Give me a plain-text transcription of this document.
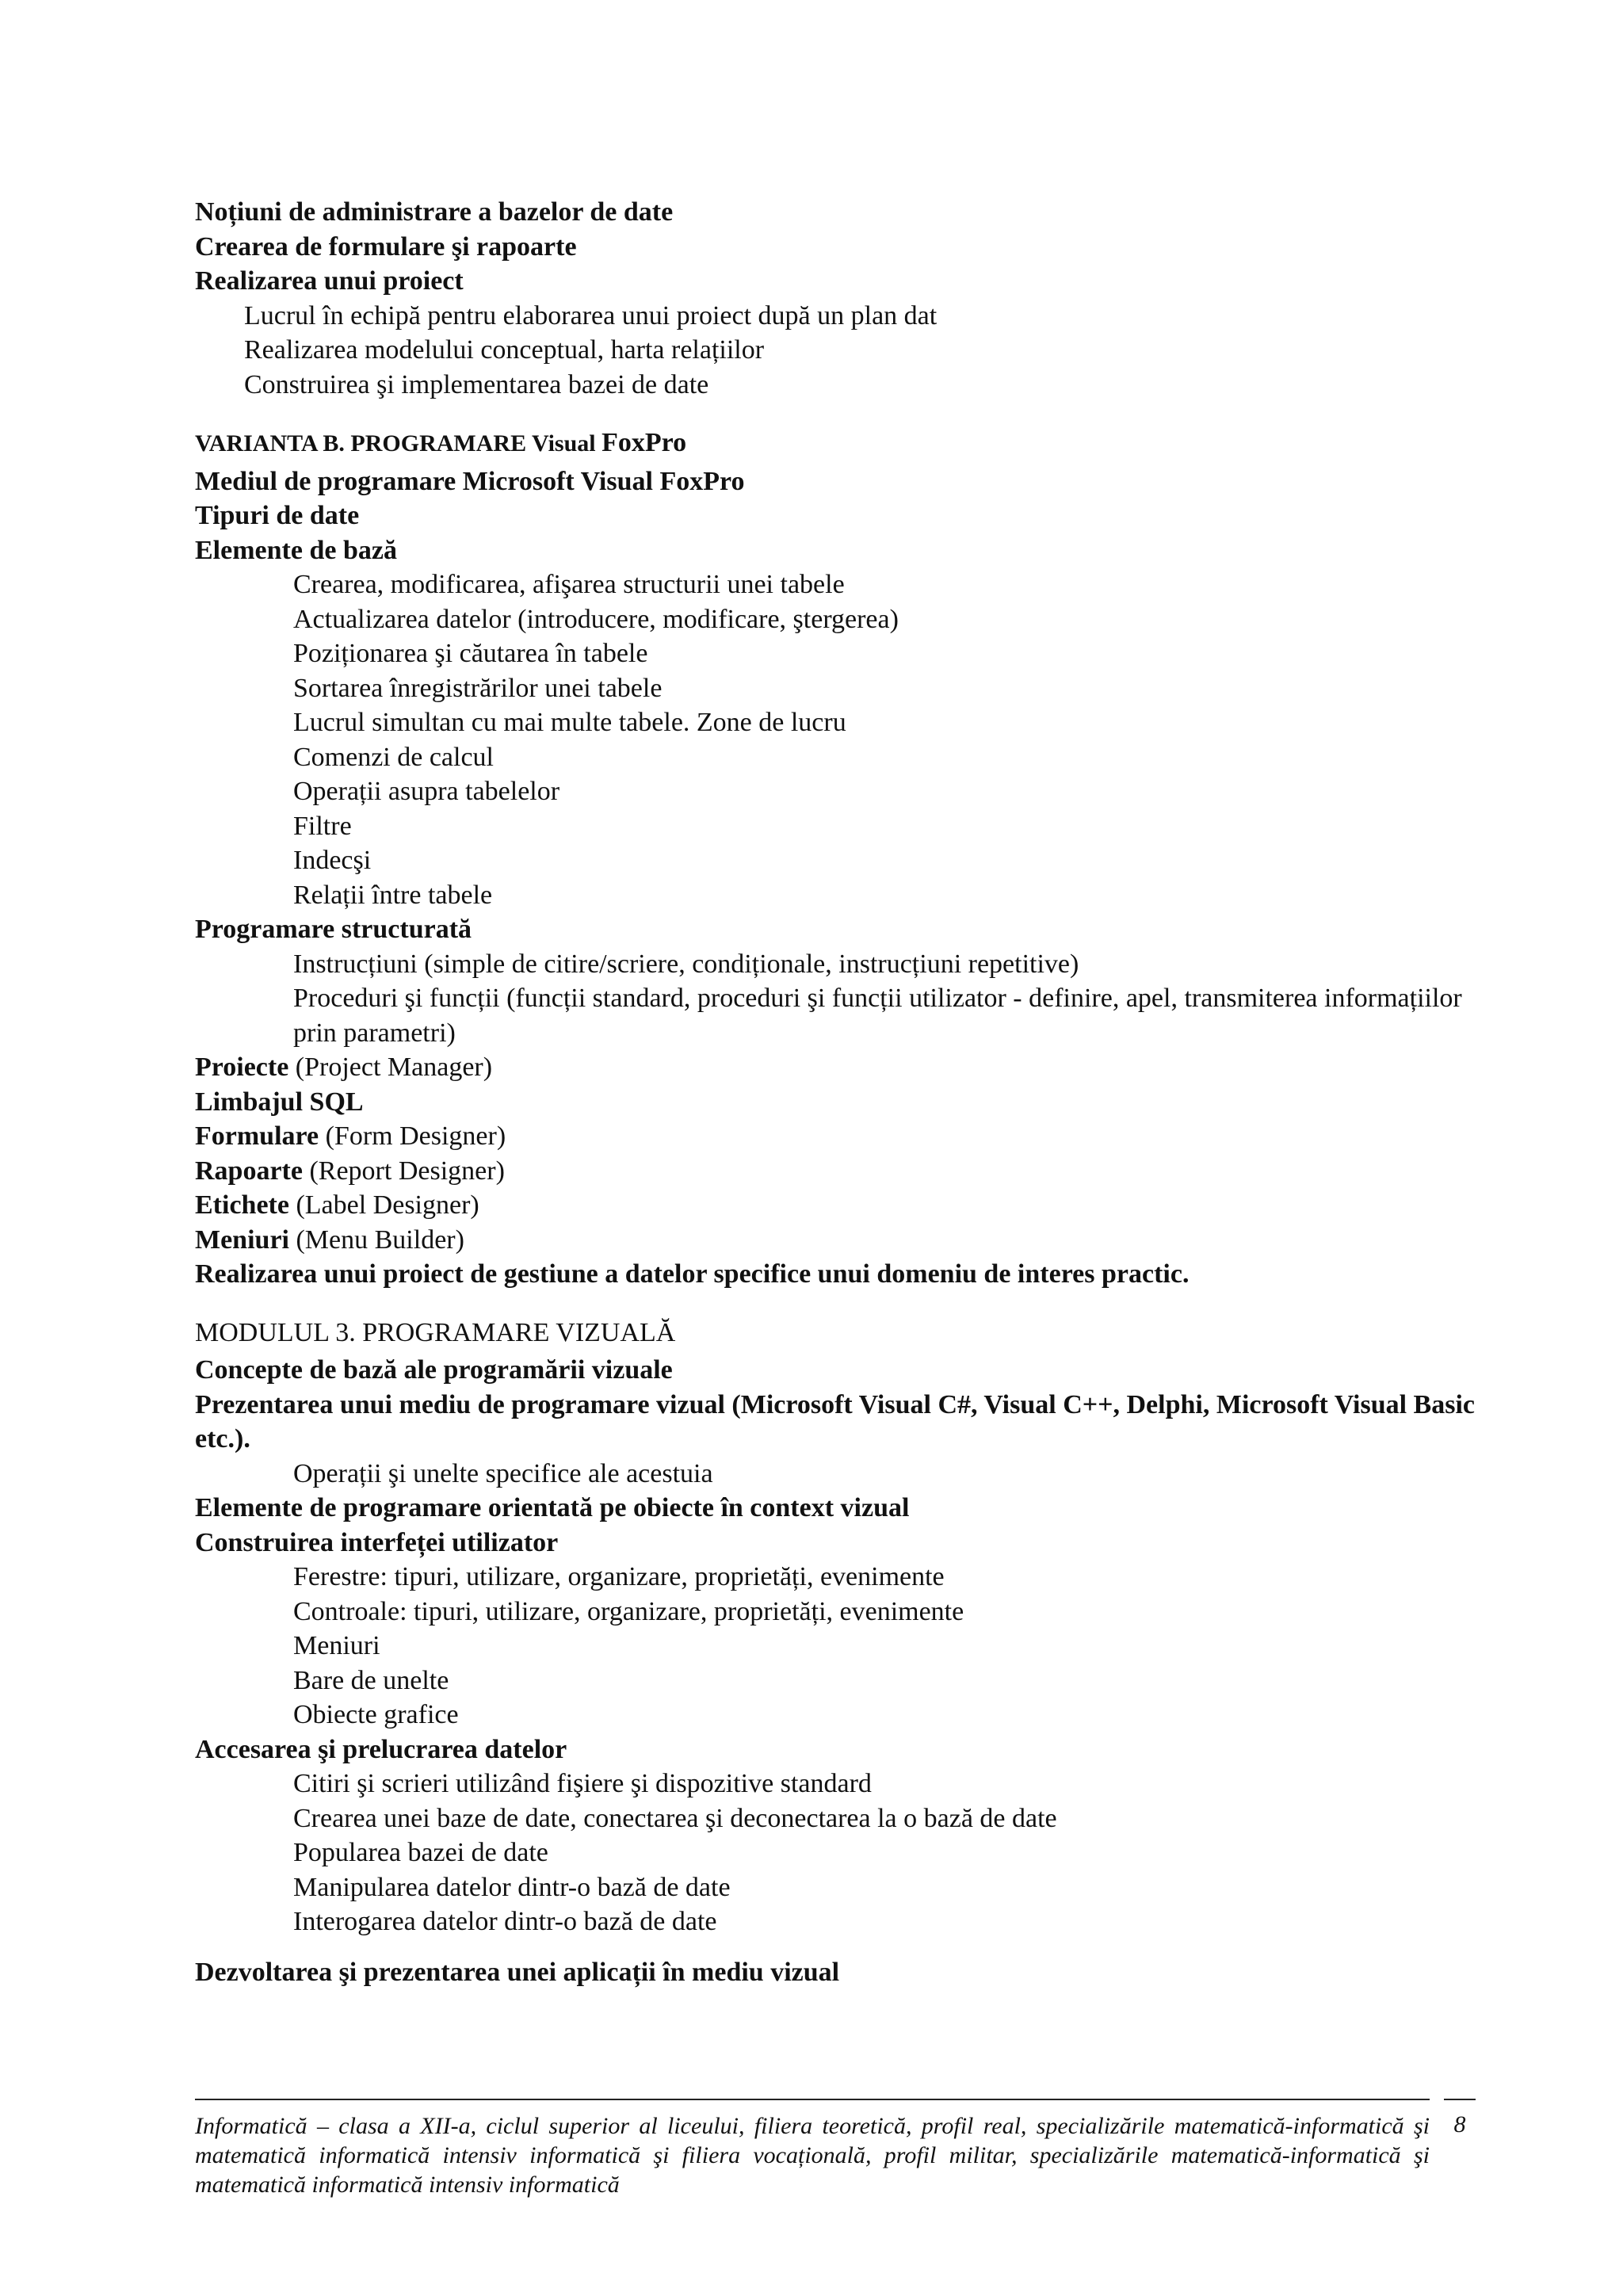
Noțiuni de administrare a bazelor de date
Crearea de formulare şi rapoarte
Realizarea unui proiect
Lucrul în echipă pentru elaborarea unui proiect după un plan dat
Realizarea modelului conceptual, harta relațiilor
Construirea şi implementarea bazei de date
VARIANTA B. PROGRAMARE Visual FoxPro
Mediul de programare Microsoft Visual FoxPro
Tipuri de date
Elemente de bază
Crearea, modificarea, afişarea structurii unei tabele
Actualizarea datelor (introducere, modificare, ştergerea)
Poziționarea şi căutarea în tabele
Sortarea înregistrărilor unei tabele
Lucrul simultan cu mai multe tabele. Zone de lucru
Comenzi de calcul
Operații asupra tabelelor
Filtre
Indecşi
Relații între tabele
Programare structurată
Instrucțiuni (simple de citire/scriere, condiționale, instrucțiuni repetitive)
Proceduri şi funcții (funcții standard, proceduri şi funcții utilizator - definire, apel, transmiterea informațiilor prin parametri)
Proiecte (Project Manager)
Limbajul SQL
Formulare (Form Designer)
Rapoarte (Report Designer)
Etichete (Label Designer)
Meniuri (Menu Builder)
Realizarea unui proiect de gestiune a datelor specifice unui domeniu de interes practic.
MODULUL 3. PROGRAMARE VIZUALĂ
Concepte de bază ale programării vizuale
Prezentarea unui mediu de programare vizual (Microsoft Visual C#, Visual C++, Delphi, Microsoft Visual Basic etc.).
Operații şi unelte specifice ale acestuia
Elemente de programare orientată pe obiecte în context vizual
Construirea interfeței utilizator
Ferestre: tipuri, utilizare, organizare, proprietăți, evenimente
Controale: tipuri, utilizare, organizare, proprietăți, evenimente
Meniuri
Bare de unelte
Obiecte grafice
Accesarea şi prelucrarea datelor
Citiri şi scrieri utilizând fişiere şi dispozitive standard
Crearea unei baze de date, conectarea şi deconectarea la o bază de date
Popularea bazei de date
Manipularea datelor dintr-o bază de date
Interogarea datelor dintr-o bază de date
Dezvoltarea şi prezentarea unei aplicații în mediu vizual
Informatică – clasa a XII-a, ciclul superior al liceului, filiera teoretică, profil real, specializările matematică-informatică şi matematică informatică intensiv informatică şi filiera vocațională, profil militar, specializările matematică-informatică şi matematică informatică intensiv informatică
8
